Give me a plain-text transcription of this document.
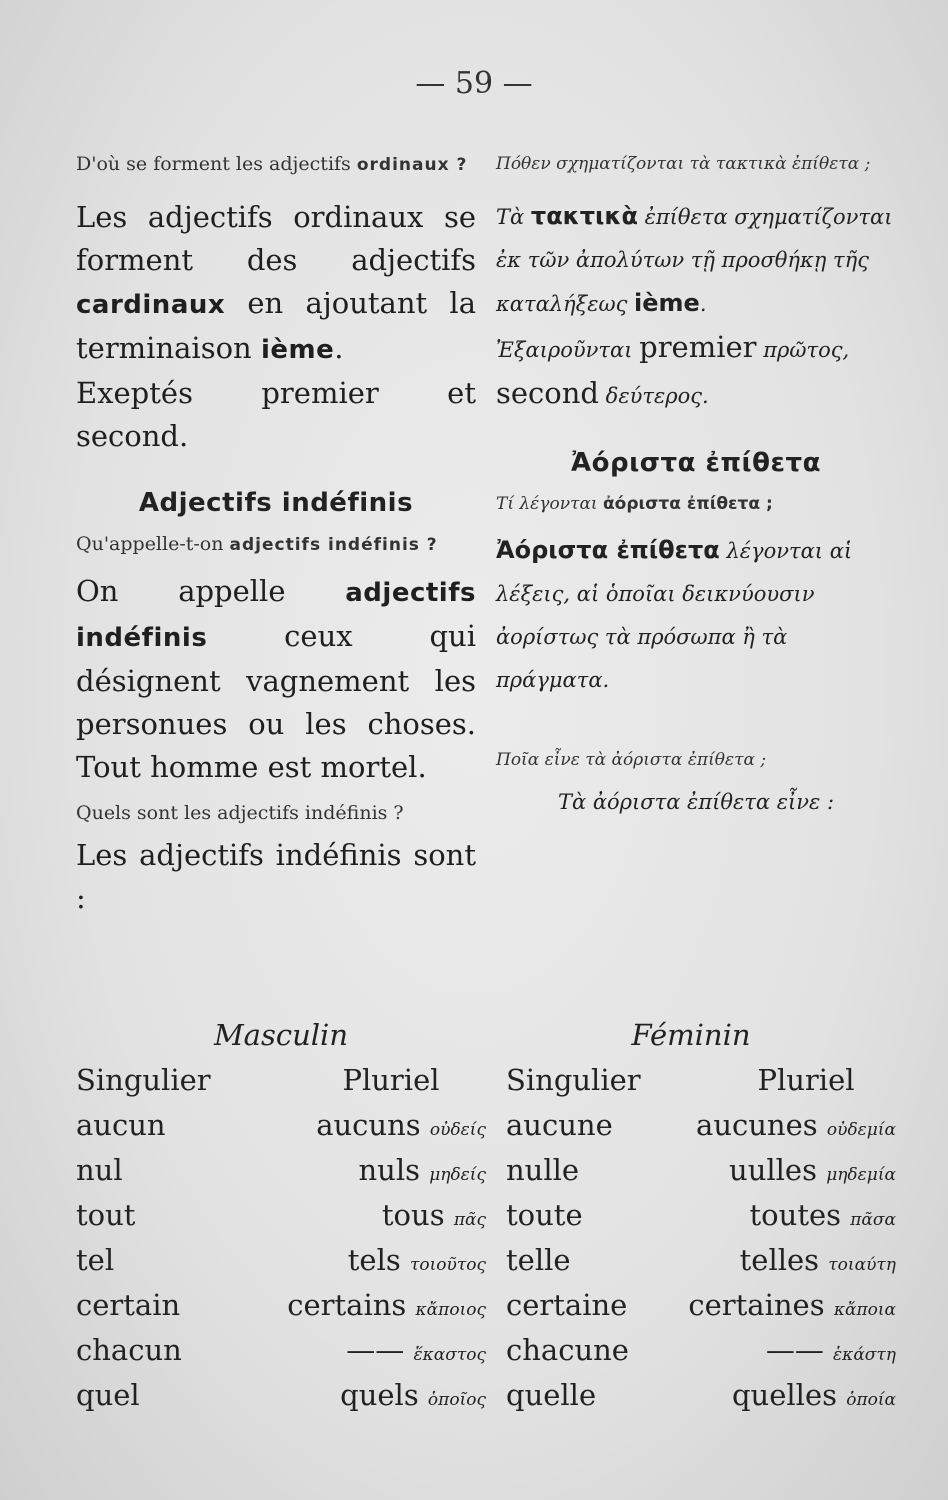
— 59 —

D'où se forment les adjectifs ordinaux ?

Les adjectifs ordinaux se forment des adjectifs cardinaux en ajoutant la terminaison ième.

Exeptés premier et second.

Adjectifs indéfinis

Qu'appelle-t-on adjectifs indéfinis ?

On appelle adjectifs indéfinis ceux qui désignent vagnement les personues ou les choses. Tout homme est mortel.

Quels sont les adjectifs indéfinis ?

Les adjectifs indéfinis sont :

Πόθεν σχηματίζονται τὰ τακτικὰ ἐπίθετα ;

Τὰ τακτικὰ ἐπίθετα σχηματίζονται ἐκ τῶν ἀπολύτων τῇ προσθήκῃ τῆς καταλήξεως ième.

Ἐξαιροῦνται premier πρῶτος, second δεύτερος.

Ἀόριστα ἐπίθετα

Τί λέγονται ἀόριστα ἐπίθετα ;

Ἀόριστα ἐπίθετα λέγονται αἱ λέξεις, αἱ ὁποῖαι δεικνύουσιν ἀορίστως τὰ πρόσωπα ἢ τὰ πράγματα.

Ποῖα εἶνε τὰ ἀόριστα ἐπίθετα ;

Τὰ ἀόριστα ἐπίθετα εἶνε :

Masculin	Féminin
Singulier	Pluriel	Singulier	Pluriel
aucun	aucuns οὐδείς aucune	aucunes οὐδεμία
nul	nuls μηδείς nulle	uulles μηδεμία
tout	tous πᾶς toute	toutes πᾶσα
tel	tels τοιοῦτος telle	telles τοιαύτη
certain	certains κἄποιος certaine	certaines κἄποια
chacun	—— ἕκαστος chacune	—— ἑκάστη
quel	quels ὁποῖος quelle	quelles ὁποία
